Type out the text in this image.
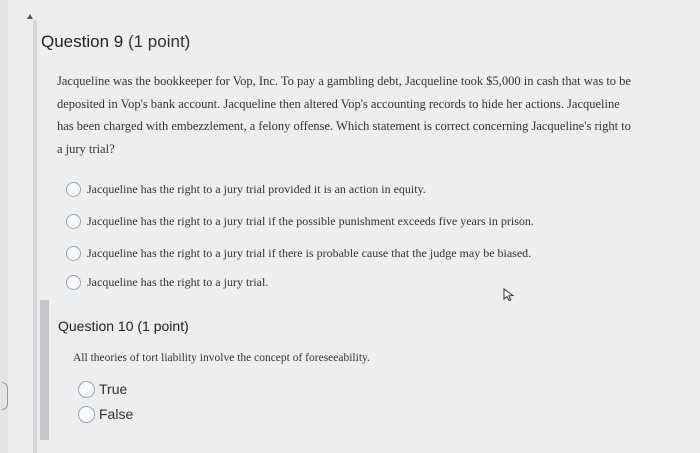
Question 9 (1 point)
Jacqueline was the bookkeeper for Vop, Inc. To pay a gambling debt, Jacqueline took $5,000 in cash that was to be deposited in Vop's bank account. Jacqueline then altered Vop's accounting records to hide her actions. Jacqueline has been charged with embezzlement, a felony offense. Which statement is correct concerning Jacqueline's right to a jury trial?
Jacqueline has the right to a jury trial provided it is an action in equity.
Jacqueline has the right to a jury trial if the possible punishment exceeds five years in prison.
Jacqueline has the right to a jury trial if there is probable cause that the judge may be biased.
Jacqueline has the right to a jury trial.
Question 10 (1 point)
All theories of tort liability involve the concept of foreseeability.
True
False
